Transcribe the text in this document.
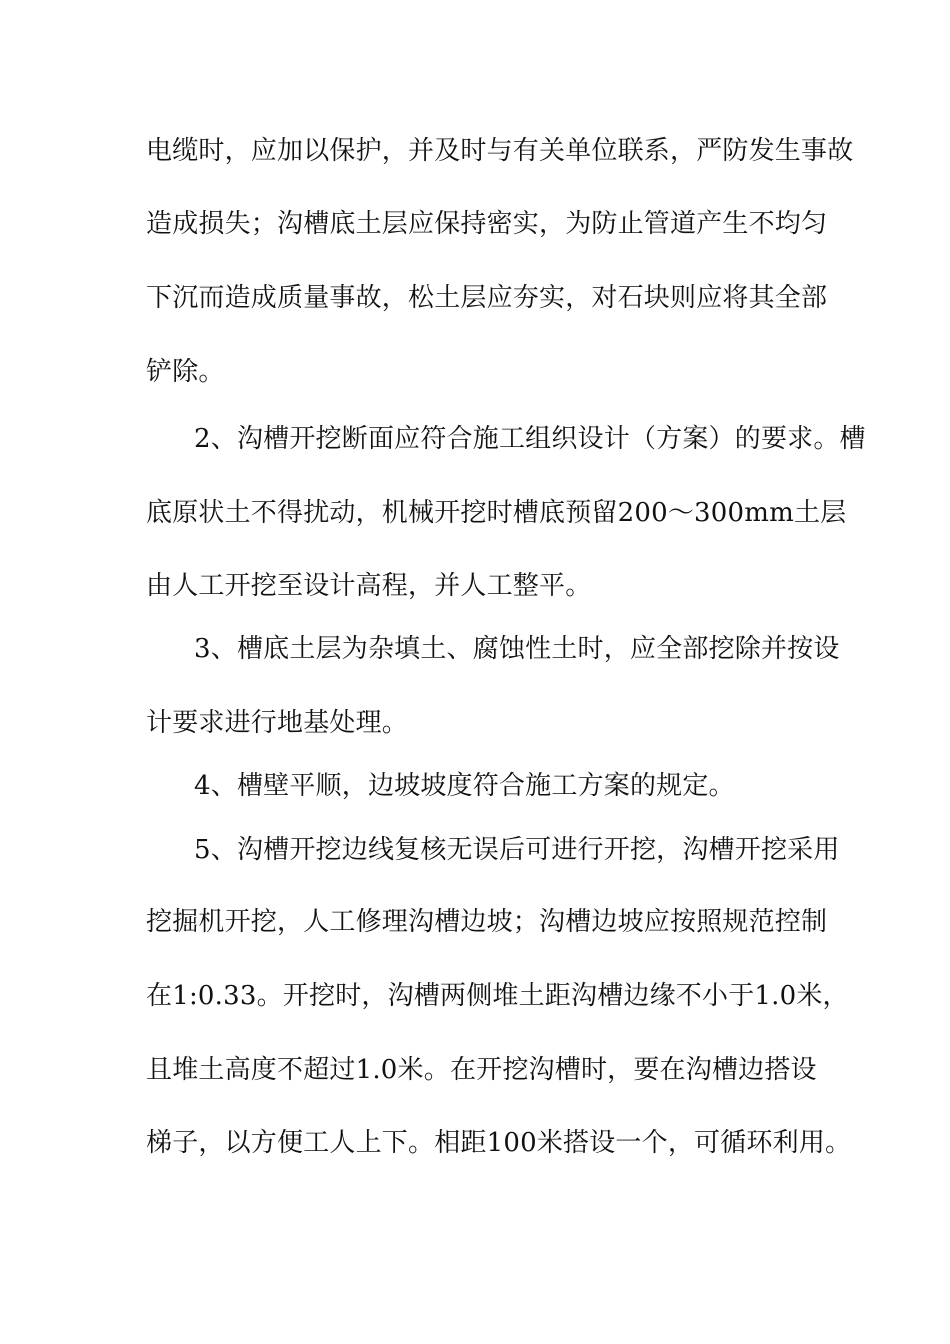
电缆时，应加以保护，并及时与有关单位联系，严防发生事故
造成损失；沟槽底土层应保持密实，为防止管道产生不均匀
下沉而造成质量事故，松土层应夯实，对石块则应将其全部
铲除。
2、沟槽开挖断面应符合施工组织设计（方案）的要求。槽
底原状土不得扰动，机械开挖时槽底预留200～300mm土层
由人工开挖至设计高程，并人工整平。
3、槽底土层为杂填土、腐蚀性土时，应全部挖除并按设
计要求进行地基处理。
4、槽壁平顺，边坡坡度符合施工方案的规定。
5、沟槽开挖边线复核无误后可进行开挖，沟槽开挖采用
挖掘机开挖，人工修理沟槽边坡；沟槽边坡应按照规范控制
在1:0.33。开挖时，沟槽两侧堆土距沟槽边缘不小于1.0米，
且堆土高度不超过1.0米。在开挖沟槽时，要在沟槽边搭设
梯子，以方便工人上下。相距100米搭设一个，可循环利用。
